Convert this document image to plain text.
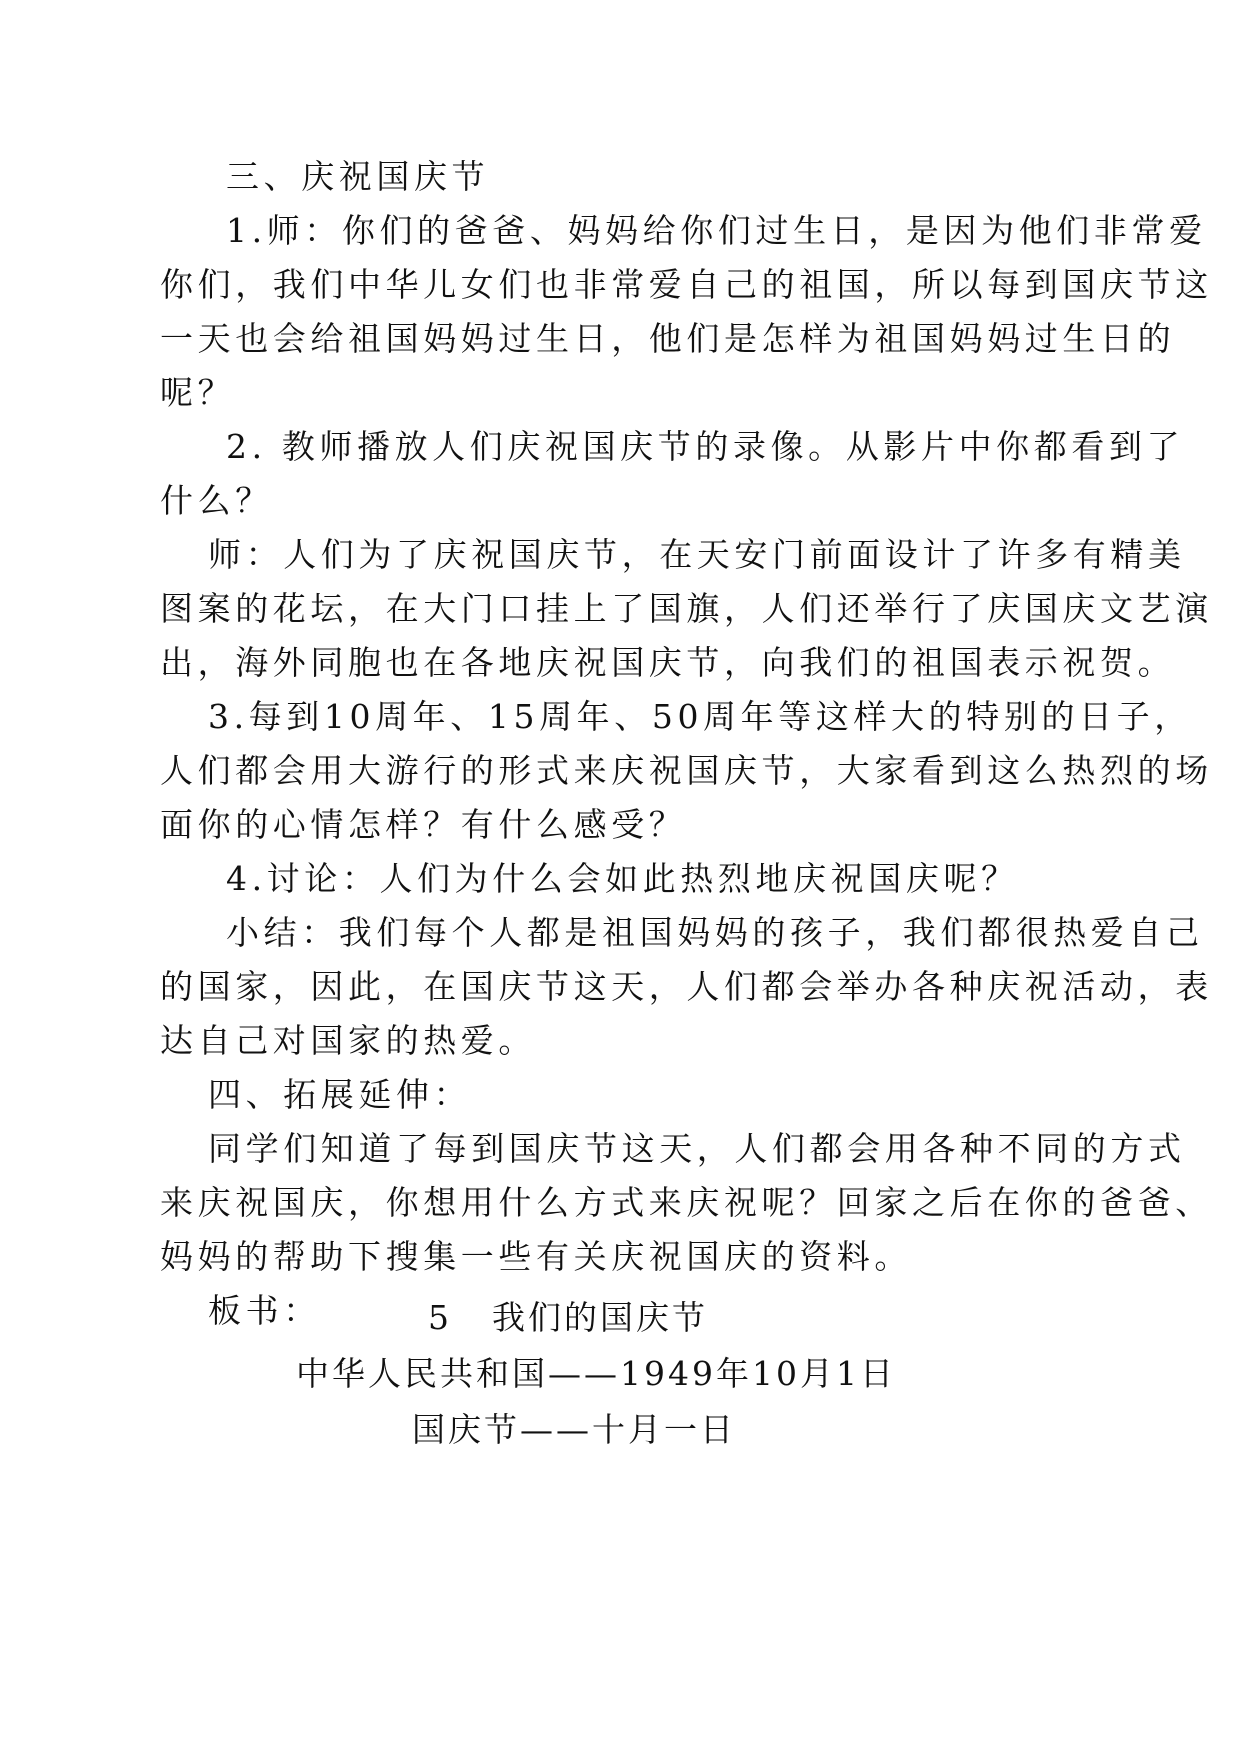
三、庆祝国庆节
1.师：你们的爸爸、妈妈给你们过生日，是因为他们非常爱
你们，我们中华儿女们也非常爱自己的祖国，所以每到国庆节这
一天也会给祖国妈妈过生日，他们是怎样为祖国妈妈过生日的
呢？
2. 教师播放人们庆祝国庆节的录像。从影片中你都看到了
什么？
师：人们为了庆祝国庆节，在天安门前面设计了许多有精美
图案的花坛，在大门口挂上了国旗，人们还举行了庆国庆文艺演
出，海外同胞也在各地庆祝国庆节，向我们的祖国表示祝贺。
3.每到10周年、15周年、50周年等这样大的特别的日子，
人们都会用大游行的形式来庆祝国庆节，大家看到这么热烈的场
面你的心情怎样？有什么感受？
4.讨论：人们为什么会如此热烈地庆祝国庆呢？
小结：我们每个人都是祖国妈妈的孩子，我们都很热爱自己
的国家，因此，在国庆节这天，人们都会举办各种庆祝活动，表
达自己对国家的热爱。
四、拓展延伸：
同学们知道了每到国庆节这天，人们都会用各种不同的方式
来庆祝国庆，你想用什么方式来庆祝呢？回家之后在你的爸爸、
妈妈的帮助下搜集一些有关庆祝国庆的资料。
板书：	5 我们的国庆节
中华人民共和国——1949年10月1日
国庆节——十月一日
